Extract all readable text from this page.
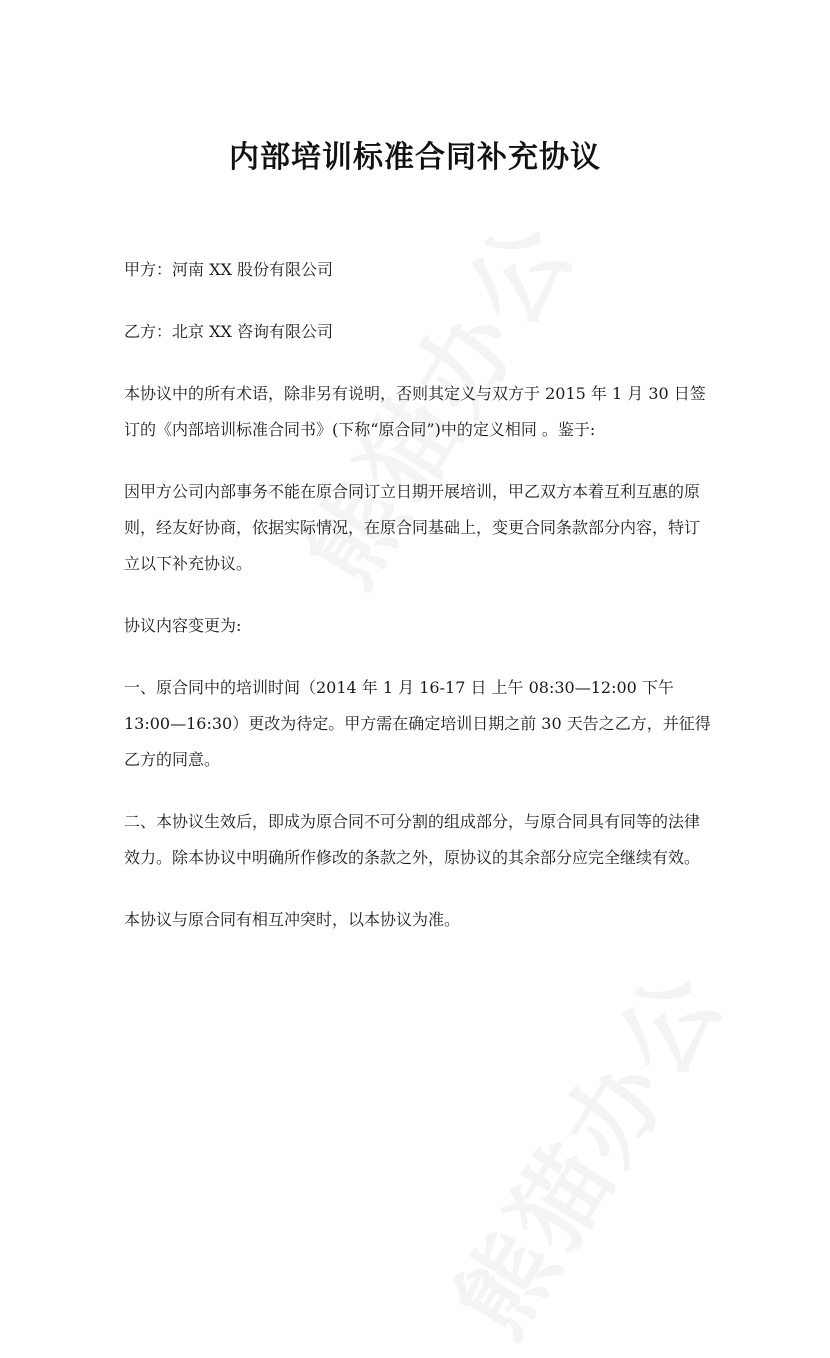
内部培训标准合同补充协议

甲方：河南 XX 股份有限公司

乙方：北京 XX 咨询有限公司

本协议中的所有术语，除非另有说明，否则其定义与双方于 2015 年 1 月 30 日签订的《内部培训标准合同书》(下称“原合同”)中的定义相同 。鉴于:

因甲方公司内部事务不能在原合同订立日期开展培训，甲乙双方本着互利互惠的原则，经友好协商，依据实际情况，在原合同基础上，变更合同条款部分内容，特订立以下补充协议。

协议内容变更为:

一、原合同中的培训时间（2014 年 1 月 16-17 日 上午 08:30—12:00 下午 13:00—16:30）更改为待定。甲方需在确定培训日期之前 30 天告之乙方，并征得乙方的同意。

二、本协议生效后，即成为原合同不可分割的组成部分，与原合同具有同等的法律效力。除本协议中明确所作修改的条款之外，原协议的其余部分应完全继续有效。

本协议与原合同有相互冲突时，以本协议为准。
